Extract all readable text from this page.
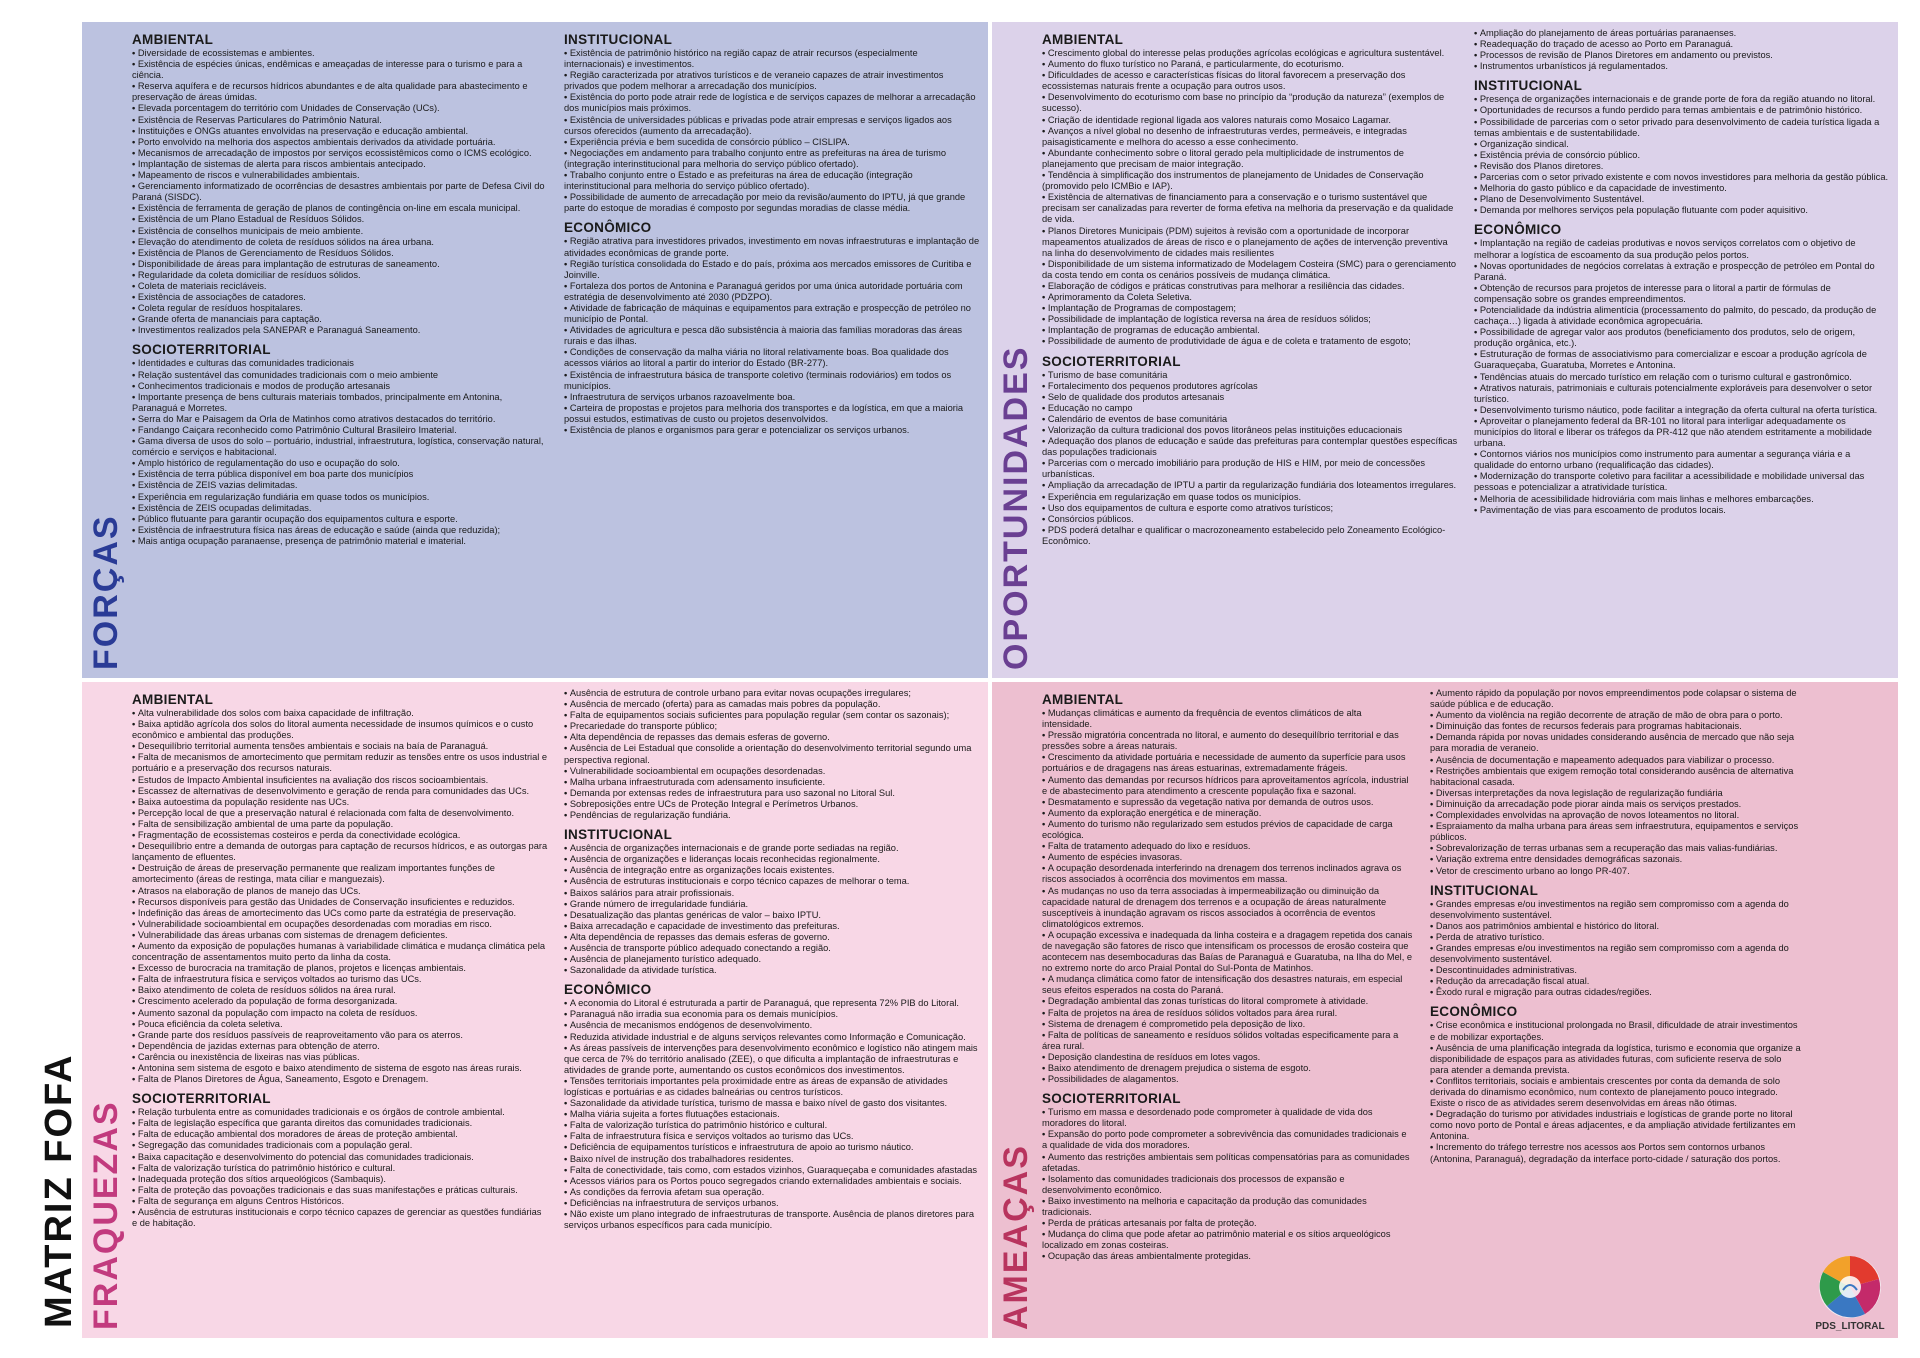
MATRIZ FOFA
FORÇAS
AMBIENTAL
• Diversidade de ecossistemas e ambientes.
• Existência de espécies únicas, endêmicas e ameaçadas de interesse para o turismo e para a ciência.
• Reserva aquífera e de recursos hídricos abundantes e de alta qualidade para abastecimento e preservação de áreas úmidas.
• Elevada porcentagem do território com Unidades de Conservação (UCs).
• Existência de Reservas Particulares do Patrimônio Natural.
• Instituições e ONGs atuantes envolvidas na preservação e educação ambiental.
• Porto envolvido na melhoria dos aspectos ambientais derivados da atividade portuária.
• Mecanismos de arrecadação de impostos por serviços ecossistêmicos como o ICMS ecológico.
• Implantação de sistemas de alerta para riscos ambientais antecipado.
• Mapeamento de riscos e vulnerabilidades ambientais.
• Gerenciamento informatizado de ocorrências de desastres ambientais por parte de Defesa Civil do Paraná (SISDC).
• Existência de ferramenta de geração de planos de contingência on-line em escala municipal.
• Existência de um Plano Estadual de Resíduos Sólidos.
• Existência de conselhos municipais de meio ambiente.
• Elevação do atendimento de coleta de resíduos sólidos na área urbana.
• Existência de Planos de Gerenciamento de Resíduos Sólidos.
• Disponibilidade de áreas para implantação de estruturas de saneamento.
• Regularidade da coleta domiciliar de resíduos sólidos.
• Coleta de materiais recicláveis.
• Existência de associações de catadores.
• Coleta regular de resíduos hospitalares.
• Grande oferta de mananciais para captação.
• Investimentos realizados pela SANEPAR e Paranaguá Saneamento.
SOCIOTERRITORIAL
• Identidades e culturas das comunidades tradicionais
• Relação sustentável das comunidades tradicionais com o meio ambiente
• Conhecimentos tradicionais e modos de produção artesanais
• Importante presença de bens culturais materiais tombados, principalmente em Antonina, Paranaguá e Morretes.
• Serra do Mar e Paisagem da Orla de Matinhos como atrativos destacados do território.
• Fandango Caiçara reconhecido como Patrimônio Cultural Brasileiro Imaterial.
• Gama diversa de usos do solo – portuário, industrial, infraestrutura, logística, conservação natural, comércio e serviços e habitacional.
• Amplo histórico de regulamentação do uso e ocupação do solo.
• Existência de terra pública disponível em boa parte dos municípios
• Existência de ZEIS vazias delimitadas.
• Experiência em regularização fundiária em quase todos os municípios.
• Existência de ZEIS ocupadas delimitadas.
• Público flutuante para garantir ocupação dos equipamentos cultura e esporte.
• Existência de infraestrutura física nas áreas de educação e saúde (ainda que reduzida);
• Mais antiga ocupação paranaense, presença de patrimônio material e imaterial.
INSTITUCIONAL
• Existência de patrimônio histórico na região capaz de atrair recursos (especialmente internacionais) e investimentos.
• Região caracterizada por atrativos turísticos e de veraneio capazes de atrair investimentos privados que podem melhorar a arrecadação dos municípios.
• Existência do porto pode atrair rede de logística e de serviços capazes de melhorar a arrecadação dos municípios mais próximos.
• Existência de universidades públicas e privadas pode atrair empresas e serviços ligados aos cursos oferecidos (aumento da arrecadação).
• Experiência prévia e bem sucedida de consórcio público – CISLIPA.
• Negociações em andamento para trabalho conjunto entre as prefeituras na área de turismo (integração interinstitucional para melhoria do serviço público ofertado).
• Trabalho conjunto entre o Estado e as prefeituras na área de educação (integração interinstitucional para melhoria do serviço público ofertado).
• Possibilidade de aumento de arrecadação por meio da revisão/aumento do IPTU, já que grande parte do estoque de moradias é composto por segundas moradias de classe média.
ECONÔMICO
• Região atrativa para investidores privados, investimento em novas infraestruturas e implantação de atividades econômicas de grande porte.
• Região turística consolidada do Estado e do país, próxima aos mercados emissores de Curitiba e Joinville.
• Fortaleza dos portos de Antonina e Paranaguá geridos por uma única autoridade portuária com estratégia de desenvolvimento até 2030 (PDZPO).
• Atividade de fabricação de máquinas e equipamentos para extração e prospecção de petróleo no município de Pontal.
• Atividades de agricultura e pesca dão subsistência à maioria das famílias moradoras das áreas rurais e das ilhas.
• Condições de conservação da malha viária no litoral relativamente boas. Boa qualidade dos acessos viários ao litoral a partir do interior do Estado (BR-277).
• Existência de infraestrutura básica de transporte coletivo (terminais rodoviários) em todos os municípios.
• Infraestrutura de serviços urbanos razoavelmente boa.
• Carteira de propostas e projetos para melhoria dos transportes e da logística, em que a maioria possui estudos, estimativas de custo ou projetos desenvolvidos.
• Existência de planos e organismos para gerar e potencializar os serviços urbanos.	OPORTUNIDADES
AMBIENTAL
• Crescimento global do interesse pelas produções agrícolas ecológicas e agricultura sustentável.
• Aumento do fluxo turístico no Paraná, e particularmente, do ecoturismo.
• Dificuldades de acesso e características físicas do litoral favorecem a preservação dos ecossistemas naturais frente a ocupação para outros usos.
• Desenvolvimento do ecoturismo com base no princípio da “produção da natureza” (exemplos de sucesso).
• Criação de identidade regional ligada aos valores naturais como Mosaico Lagamar.
• Avanços a nível global no desenho de infraestruturas verdes, permeáveis, e integradas paisagisticamente e melhora do acesso a esse conhecimento.
• Abundante conhecimento sobre o litoral gerado pela multiplicidade de instrumentos de planejamento que precisam de maior integração.
• Tendência à simplificação dos instrumentos de planejamento de Unidades de Conservação (promovido pelo ICMBio e IAP).
• Existência de alternativas de financiamento para a conservação e o turismo sustentável que precisam ser canalizadas para reverter de forma efetiva na melhoria da preservação e da qualidade de vida.
• Planos Diretores Municipais (PDM) sujeitos à revisão com a oportunidade de incorporar mapeamentos atualizados de áreas de risco e o planejamento de ações de intervenção preventiva na linha do desenvolvimento de cidades mais resilientes
• Disponibilidade de um sistema informatizado de Modelagem Costeira (SMC) para o gerenciamento da costa tendo em conta os cenários possíveis de mudança climática.
• Elaboração de códigos e práticas construtivas para melhorar a resiliência das cidades.
• Aprimoramento da Coleta Seletiva.
• Implantação de Programas de compostagem;
• Possibilidade de implantação de logística reversa na área de resíduos sólidos;
• Implantação de programas de educação ambiental.
• Possibilidade de aumento de produtividade de água e de coleta e tratamento de esgoto;
SOCIOTERRITORIAL
• Turismo de base comunitária
• Fortalecimento dos pequenos produtores agrícolas
• Selo de qualidade dos produtos artesanais
• Educação no campo
• Calendário de eventos de base comunitária
• Valorização da cultura tradicional dos povos litorâneos pelas instituições educacionais
• Adequação dos planos de educação e saúde das prefeituras para contemplar questões específicas das populações tradicionais
• Parcerias com o mercado imobiliário para produção de HIS e HIM, por meio de concessões urbanísticas.
• Ampliação da arrecadação de IPTU a partir da regularização fundiária dos loteamentos irregulares.
• Experiência em regularização em quase todos os municípios.
• Uso dos equipamentos de cultura e esporte como atrativos turísticos;
• Consórcios públicos.
• PDS poderá detalhar e qualificar o macrozoneamento estabelecido pelo Zoneamento Ecológico-Econômico.
• Ampliação do planejamento de áreas portuárias paranaenses.
• Readequação do traçado de acesso ao Porto em Paranaguá.
• Processos de revisão de Planos Diretores em andamento ou previstos.
• Instrumentos urbanísticos já regulamentados.
INSTITUCIONAL
• Presença de organizações internacionais e de grande porte de fora da região atuando no litoral.
• Oportunidades de recursos a fundo perdido para temas ambientais e de patrimônio histórico.
• Possibilidade de parcerias com o setor privado para desenvolvimento de cadeia turística ligada a temas ambientais e de sustentabilidade.
• Organização sindical.
• Existência prévia de consórcio público.
• Revisão dos Planos diretores.
• Parcerias com o setor privado existente e com novos investidores para melhoria da gestão pública.
• Melhoria do gasto público e da capacidade de investimento.
• Plano de Desenvolvimento Sustentável.
• Demanda por melhores serviços pela população flutuante com poder aquisitivo.
ECONÔMICO
• Implantação na região de cadeias produtivas e novos serviços correlatos com o objetivo de melhorar a logística de escoamento da sua produção pelos portos.
• Novas oportunidades de negócios correlatas à extração e prospecção de petróleo em Pontal do Paraná.
• Obtenção de recursos para projetos de interesse para o litoral a partir de fórmulas de compensação sobre os grandes empreendimentos.
• Potencialidade da indústria alimentícia (processamento do palmito, do pescado, da produção de cachaça…) ligada à atividade econômica agropecuária.
• Possibilidade de agregar valor aos produtos (beneficiamento dos produtos, selo de origem, produção orgânica, etc.).
• Estruturação de formas de associativismo para comercializar e escoar a produção agrícola de Guaraqueçaba, Guaratuba, Morretes e Antonina.
• Tendências atuais do mercado turístico em relação com o turismo cultural e gastronômico.
• Atrativos naturais, patrimoniais e culturais potencialmente exploráveis para desenvolver o setor turístico.
• Desenvolvimento turismo náutico, pode facilitar a integração da oferta cultural na oferta turística.
• Aproveitar o planejamento federal da BR-101 no litoral para interligar adequadamente os municípios do litoral e liberar os tráfegos da PR-412 que não atendem estritamente a mobilidade urbana.
• Contornos viários nos municípios como instrumento para aumentar a segurança viária e a qualidade do entorno urbano (requalificação das cidades).
• Modernização do transporte coletivo para facilitar a acessibilidade e mobilidade universal das pessoas e potencializar a atratividade turística.
• Melhoria de acessibilidade hidroviária com mais linhas e melhores embarcações.
• Pavimentação de vias para escoamento de produtos locais.
FRAQUEZAS
AMBIENTAL
• Alta vulnerabilidade dos solos com baixa capacidade de infiltração.
• Baixa aptidão agrícola dos solos do litoral aumenta necessidade de insumos químicos e o custo econômico e ambiental das produções.
• Desequilíbrio territorial aumenta tensões ambientais e sociais na baía de Paranaguá.
• Falta de mecanismos de amortecimento que permitam reduzir as tensões entre os usos industrial e portuário e a preservação dos recursos naturais.
• Estudos de Impacto Ambiental insuficientes na avaliação dos riscos socioambientais.
• Escassez de alternativas de desenvolvimento e geração de renda para comunidades das UCs.
• Baixa autoestima da população residente nas UCs.
• Percepção local de que a preservação natural é relacionada com falta de desenvolvimento.
• Falta de sensibilização ambiental de uma parte da população.
• Fragmentação de ecossistemas costeiros e perda da conectividade ecológica.
• Desequilíbrio entre a demanda de outorgas para captação de recursos hídricos, e as outorgas para lançamento de efluentes.
• Destruição de áreas de preservação permanente que realizam importantes funções de amortecimento (áreas de restinga, mata ciliar e manguezais).
• Atrasos na elaboração de planos de manejo das UCs.
• Recursos disponíveis para gestão das Unidades de Conservação insuficientes e reduzidos.
• Indefinição das áreas de amortecimento das UCs como parte da estratégia de preservação.
• Vulnerabilidade socioambiental em ocupações desordenadas com moradias em risco.
• Vulnerabilidade das áreas urbanas com sistemas de drenagem deficientes.
• Aumento da exposição de populações humanas à variabilidade climática e mudança climática pela concentração de assentamentos muito perto da linha da costa.
• Excesso de burocracia na tramitação de planos, projetos e licenças ambientais.
• Falta de infraestrutura física e serviços voltados ao turismo das UCs.
• Baixo atendimento de coleta de resíduos sólidos na área rural.
• Crescimento acelerado da população de forma desorganizada.
• Aumento sazonal da população com impacto na coleta de resíduos.
• Pouca eficiência da coleta seletiva.
• Grande parte dos resíduos passíveis de reaproveitamento vão para os aterros.
• Dependência de jazidas externas para obtenção de aterro.
• Carência ou inexistência de lixeiras nas vias públicas.
• Antonina sem sistema de esgoto e baixo atendimento de sistema de esgoto nas áreas rurais.
• Falta de Planos Diretores de Água, Saneamento, Esgoto e Drenagem.
SOCIOTERRITORIAL
• Relação turbulenta entre as comunidades tradicionais e os órgãos de controle ambiental.
• Falta de legislação específica que garanta direitos das comunidades tradicionais.
• Falta de educação ambiental dos moradores de áreas de proteção ambiental.
• Segregação das comunidades tradicionais com a população geral.
• Baixa capacitação e desenvolvimento do potencial das comunidades tradicionais.
• Falta de valorização turística do patrimônio histórico e cultural.
• Inadequada proteção dos sítios arqueológicos (Sambaquis).
• Falta de proteção das povoações tradicionais e das suas manifestações e práticas culturais.
• Falta de segurança em alguns Centros Históricos.
• Ausência de estruturas institucionais e corpo técnico capazes de gerenciar as questões fundiárias e de habitação.
• Ausência de estrutura de controle urbano para evitar novas ocupações irregulares;
• Ausência de mercado (oferta) para as camadas mais pobres da população.
• Falta de equipamentos sociais suficientes para população regular (sem contar os sazonais);
• Precariedade do transporte público;
• Alta dependência de repasses das demais esferas de governo.
• Ausência de Lei Estadual que consolide a orientação do desenvolvimento territorial segundo uma perspectiva regional.
• Vulnerabilidade socioambiental em ocupações desordenadas.
• Malha urbana infraestruturada com adensamento insuficiente.
• Demanda por extensas redes de infraestrutura para uso sazonal no Litoral Sul.
• Sobreposições entre UCs de Proteção Integral e Perímetros Urbanos.
• Pendências de regularização fundiária.
INSTITUCIONAL
• Ausência de organizações internacionais e de grande porte sediadas na região.
• Ausência de organizações e lideranças locais reconhecidas regionalmente.
• Ausência de integração entre as organizações locais existentes.
• Ausência de estruturas institucionais e corpo técnico capazes de melhorar o tema.
• Baixos salários para atrair profissionais.
• Grande número de irregularidade fundiária.
• Desatualização das plantas genéricas de valor – baixo IPTU.
• Baixa arrecadação e capacidade de investimento das prefeituras.
• Alta dependência de repasses das demais esferas de governo.
• Ausência de transporte público adequado conectando a região.
• Ausência de planejamento turístico adequado.
• Sazonalidade da atividade turística.
ECONÔMICO
• A economia do Litoral é estruturada a partir de Paranaguá, que representa 72% PIB do Litoral.
• Paranaguá não irradia sua economia para os demais municípios.
• Ausência de mecanismos endógenos de desenvolvimento.
• Reduzida atividade industrial e de alguns serviços relevantes como Informação e Comunicação.
• As áreas passíveis de intervenções para desenvolvimento econômico e logístico não atingem mais que cerca de 7% do território analisado (ZEE), o que dificulta a implantação de infraestruturas e atividades de grande porte, aumentando os custos econômicos dos investimentos.
• Tensões territoriais importantes pela proximidade entre as áreas de expansão de atividades logísticas e portuárias e as cidades balneárias ou centros turísticos.
• Sazonalidade da atividade turística, turismo de massa e baixo nível de gasto dos visitantes.
• Malha viária sujeita a fortes flutuações estacionais.
• Falta de valorização turística do patrimônio histórico e cultural.
• Falta de infraestrutura física e serviços voltados ao turismo das UCs.
• Deficiência de equipamentos turísticos e infraestrutura de apoio ao turismo náutico.
• Baixo nível de instrução dos trabalhadores residentes.
• Falta de conectividade, tais como, com estados vizinhos, Guaraqueçaba e comunidades afastadas
• Acessos viários para os Portos pouco segregados criando externalidades ambientais e sociais.
• As condições da ferrovia afetam sua operação.
• Deficiências na infraestrutura de serviços urbanos.
• Não existe um plano integrado de infraestruturas de transporte. Ausência de planos diretores para serviços urbanos específicos para cada município.	AMEAÇAS
AMBIENTAL
• Mudanças climáticas e aumento da frequência de eventos climáticos de alta intensidade.
• Pressão migratória concentrada no litoral, e aumento do desequilíbrio territorial e das pressões sobre a áreas naturais.
• Crescimento da atividade portuária e necessidade de aumento da superfície para usos portuários e de dragagens nas áreas estuarinas, extremadamente frágeis.
• Aumento das demandas por recursos hídricos para aproveitamentos agrícola, industrial e de abastecimento para atendimento a crescente população fixa e sazonal.
• Desmatamento e supressão da vegetação nativa por demanda de outros usos.
• Aumento da exploração energética e de mineração.
• Aumento do turismo não regularizado sem estudos prévios de capacidade de carga ecológica.
• Falta de tratamento adequado do lixo e resíduos.
• Aumento de espécies invasoras.
• A ocupação desordenada interferindo na drenagem dos terrenos inclinados agrava os riscos associados à ocorrência dos movimentos em massa.
• As mudanças no uso da terra associadas à impermeabilização ou diminuição da capacidade natural de drenagem dos terrenos e a ocupação de áreas naturalmente susceptíveis à inundação agravam os riscos associados à ocorrência de eventos climatológicos extremos.
• A ocupação excessiva e inadequada da linha costeira e a dragagem repetida dos canais de navegação são fatores de risco que intensificam os processos de erosão costeira que acontecem nas desembocaduras das Baías de Paranaguá e Guaratuba, na Ilha do Mel, e no extremo norte do arco Praial Pontal do Sul-Ponta de Matinhos.
• A mudança climática como fator de intensificação dos desastres naturais, em especial seus efeitos esperados na costa do Paraná.
• Degradação ambiental das zonas turísticas do litoral compromete à atividade.
• Falta de projetos na área de resíduos sólidos voltados para área rural.
• Sistema de drenagem é comprometido pela deposição de lixo.
• Falta de políticas de saneamento e resíduos sólidos voltadas especificamente para a área rural.
• Deposição clandestina de resíduos em lotes vagos.
• Baixo atendimento de drenagem prejudica o sistema de esgoto.
• Possibilidades de alagamentos.
SOCIOTERRITORIAL
• Turismo em massa e desordenado pode comprometer à qualidade de vida dos moradores do litoral.
• Expansão do porto pode comprometer a sobrevivência das comunidades tradicionais e a qualidade de vida dos moradores.
• Aumento das restrições ambientais sem políticas compensatórias para as comunidades afetadas.
• Isolamento das comunidades tradicionais dos processos de expansão e desenvolvimento econômico.
• Baixo investimento na melhoria e capacitação da produção das comunidades tradicionais.
• Perda de práticas artesanais por falta de proteção.
• Mudança do clima que pode afetar ao patrimônio material e os sítios arqueológicos localizado em zonas costeiras.
• Ocupação das áreas ambientalmente protegidas.
• Aumento rápido da população por novos empreendimentos pode colapsar o sistema de saúde pública e de educação.
• Aumento da violência na região decorrente de atração de mão de obra para o porto.
• Diminuição das fontes de recursos federais para programas habitacionais.
• Demanda rápida por novas unidades considerando ausência de mercado que não seja para moradia de veraneio.
• Ausência de documentação e mapeamento adequados para viabilizar o processo.
• Restrições ambientais que exigem remoção total considerando ausência de alternativa habitacional casada.
• Diversas interpretações da nova legislação de regularização fundiária
• Diminuição da arrecadação pode piorar ainda mais os serviços prestados.
• Complexidades envolvidas na aprovação de novos loteamentos no litoral.
• Espraiamento da malha urbana para áreas sem infraestrutura, equipamentos e serviços públicos.
• Sobrevalorização de terras urbanas sem a recuperação das mais valias-fundiárias.
• Variação extrema entre densidades demográficas sazonais.
• Vetor de crescimento urbano ao longo PR-407.
INSTITUCIONAL
• Grandes empresas e/ou investimentos na região sem compromisso com a agenda do desenvolvimento sustentável.
• Danos aos patrimônios ambiental e histórico do litoral.
• Perda de atrativo turístico.
• Grandes empresas e/ou investimentos na região sem compromisso com a agenda do desenvolvimento sustentável.
• Descontinuidades administrativas.
• Redução da arrecadação fiscal atual.
• Êxodo rural e migração para outras cidades/regiões.
ECONÔMICO
• Crise econômica e institucional prolongada no Brasil, dificuldade de atrair investimentos e de mobilizar exportações.
• Ausência de uma planificação integrada da logística, turismo e economia que organize a disponibilidade de espaços para as atividades futuras, com suficiente reserva de solo para atender a demanda prevista.
• Conflitos territoriais, sociais e ambientais crescentes por conta da demanda de solo derivada do dinamismo econômico, num contexto de planejamento pouco integrado. Existe o risco de as atividades serem desenvolvidas em áreas não ótimas.
• Degradação do turismo por atividades industriais e logísticas de grande porte no litoral como novo porto de Pontal e áreas adjacentes, e da ampliação atividade fertilizantes em Antonina.
• Incremento do tráfego terrestre nos acessos aos Portos sem contornos urbanos (Antonina, Paranaguá), degradação da interface porto-cidade / saturação dos portos.
PDS_LITORAL
